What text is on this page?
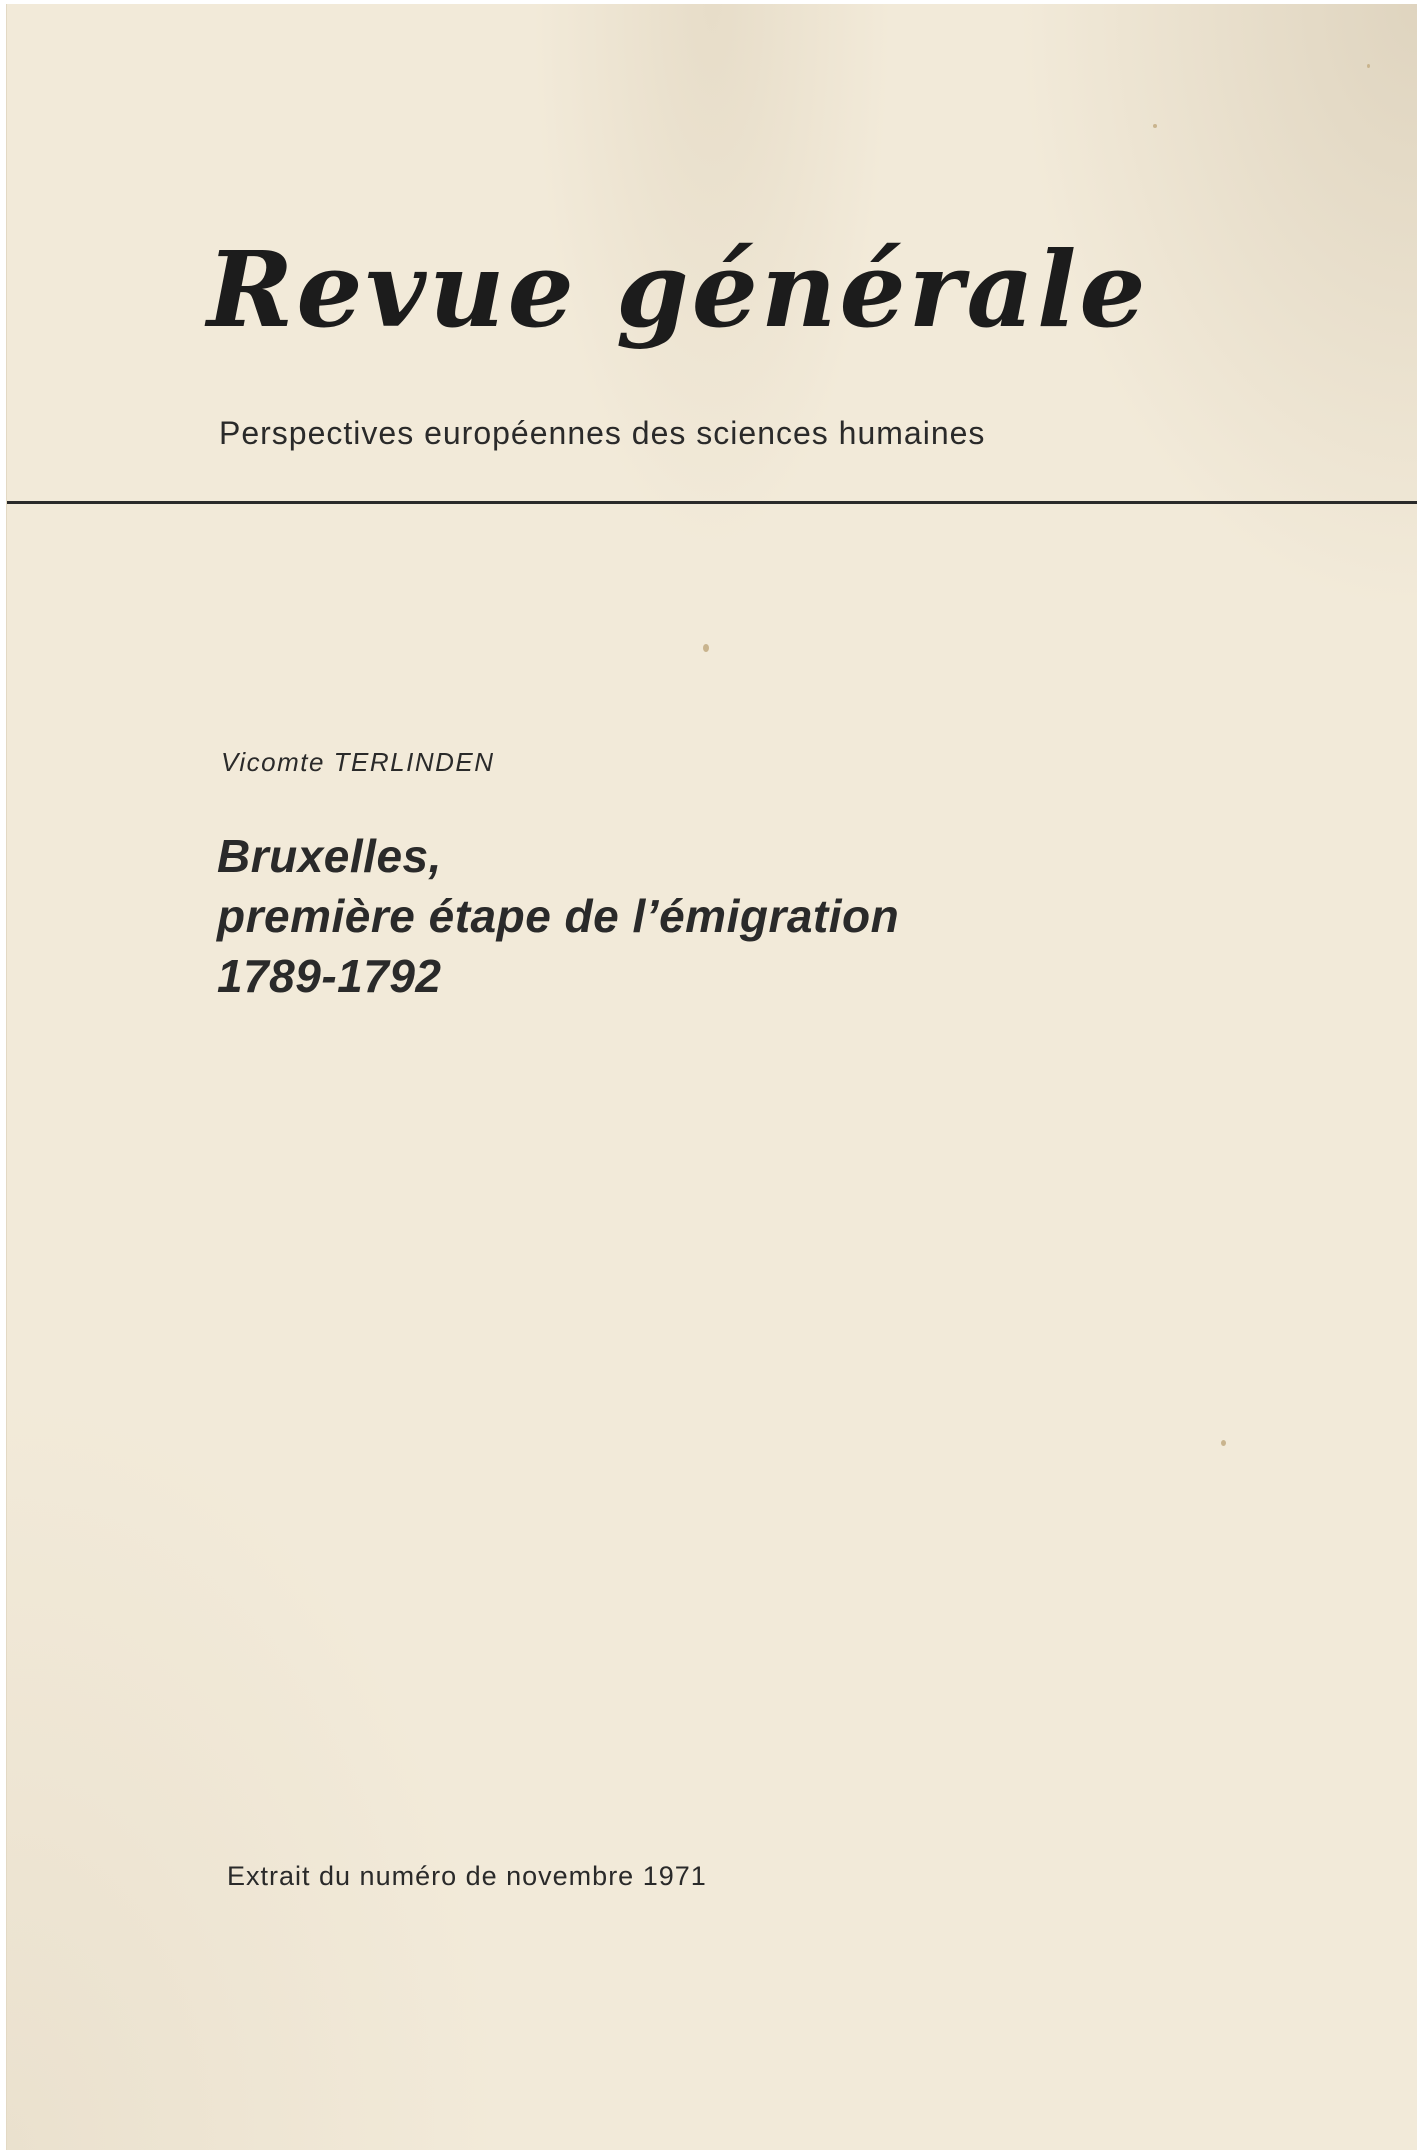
Revue générale

Perspectives européennes des sciences humaines

Vicomte TERLINDEN

Bruxelles,
première étape de l’émigration
1789-1792

Extrait du numéro de novembre 1971
